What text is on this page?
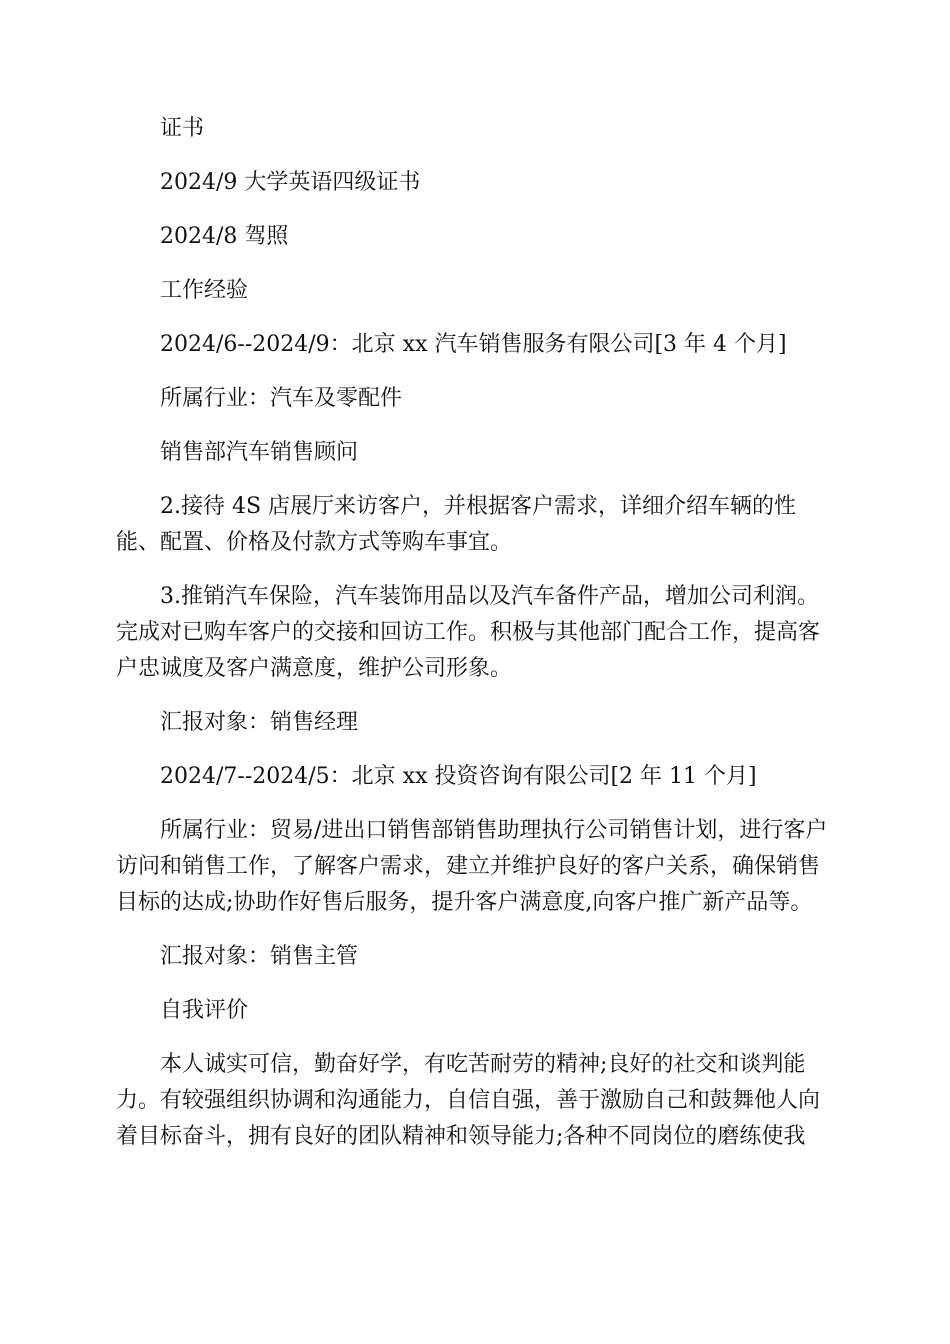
证书

2024/9 大学英语四级证书

2024/8 驾照

工作经验

2024/6--2024/9：北京 xx 汽车销售服务有限公司[3 年 4 个月]

所属行业：汽车及零配件

销售部汽车销售顾问

2.接待 4S 店展厅来访客户，并根据客户需求，详细介绍车辆的性能、配置、价格及付款方式等购车事宜。

3.推销汽车保险，汽车装饰用品以及汽车备件产品，增加公司利润。完成对已购车客户的交接和回访工作。积极与其他部门配合工作，提高客户忠诚度及客户满意度，维护公司形象。

汇报对象：销售经理

2024/7--2024/5：北京 xx 投资咨询有限公司[2 年 11 个月]

所属行业：贸易/进出口销售部销售助理执行公司销售计划，进行客户访问和销售工作，了解客户需求，建立并维护良好的客户关系，确保销售目标的达成;协助作好售后服务，提升客户满意度,向客户推广新产品等。

汇报对象：销售主管

自我评价

本人诚实可信，勤奋好学，有吃苦耐劳的精神;良好的社交和谈判能力。有较强组织协调和沟通能力，自信自强，善于激励自己和鼓舞他人向着目标奋斗，拥有良好的团队精神和领导能力;各种不同岗位的磨练使我
